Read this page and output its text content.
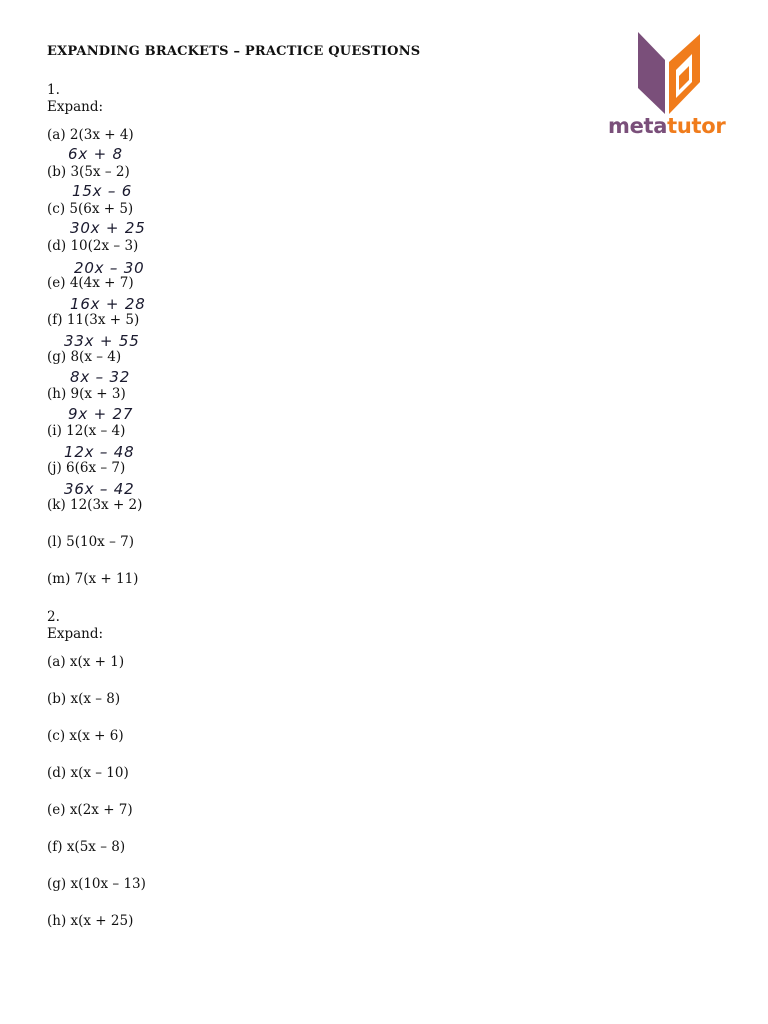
EXPANDING BRACKETS – PRACTICE QUESTIONS
metatutor
1.
Expand:
(a) 2(3x + 4)
6x + 8
(b) 3(5x – 2)
15x – 6
(c) 5(6x + 5)
30x + 25
(d) 10(2x – 3)
20x – 30
(e) 4(4x + 7)
16x + 28
(f) 11(3x + 5)
33x + 55
(g) 8(x – 4)
8x – 32
(h) 9(x + 3)
9x + 27
(i) 12(x – 4)
12x – 48
(j) 6(6x – 7)
36x – 42
(k) 12(3x + 2)
(l) 5(10x – 7)
(m) 7(x + 11)
2.
Expand:
(a) x(x + 1)
(b) x(x – 8)
(c) x(x + 6)
(d) x(x – 10)
(e) x(2x + 7)
(f) x(5x – 8)
(g) x(10x – 13)
(h) x(x + 25)
